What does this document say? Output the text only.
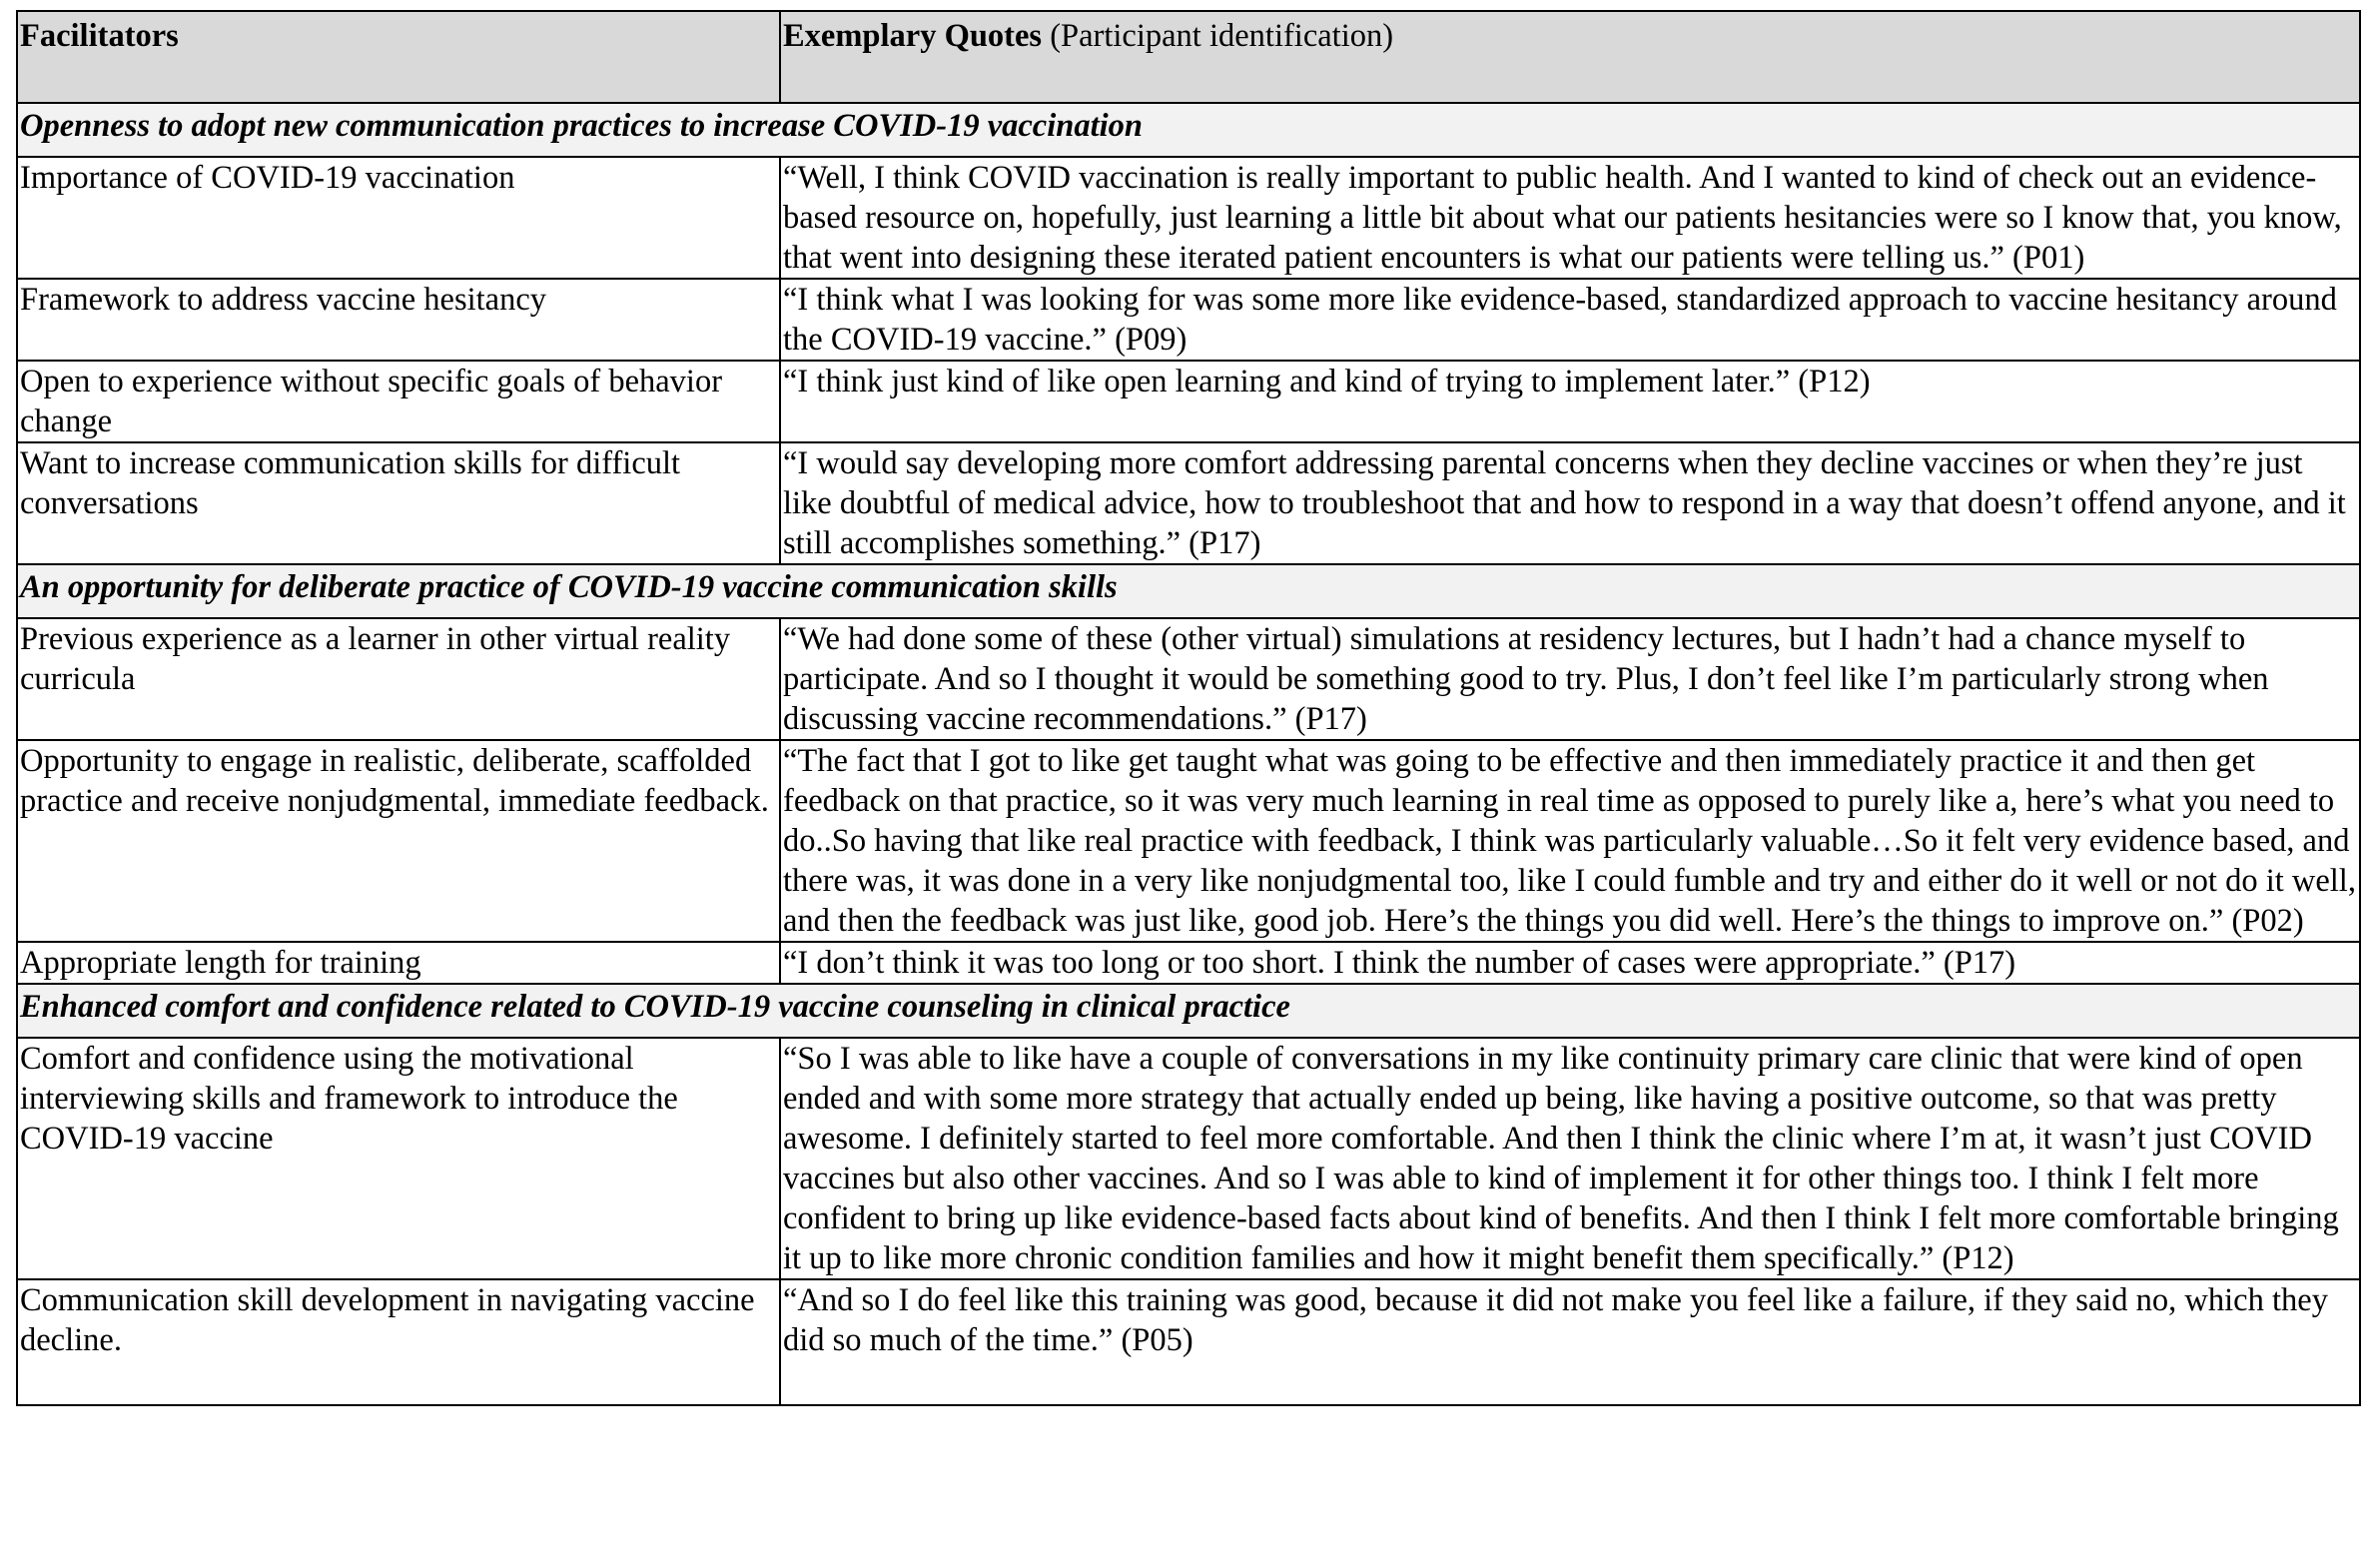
Facilitators	Exemplary Quotes (Participant identification)
Openness to adopt new communication practices to increase COVID-19 vaccination	
Importance of COVID-19 vaccination	“Well, I think COVID vaccination is really important to public health. And I wanted to kind of check out an evidence-based resource on, hopefully, just learning a little bit about what our patients hesitancies were so I know that, you know, that went into designing these iterated patient encounters is what our patients were telling us.” (P01)
Framework to address vaccine hesitancy	“I think what I was looking for was some more like evidence-based, standardized approach to vaccine hesitancy around the COVID-19 vaccine.” (P09)
Open to experience without specific goals of behavior change	“I think just kind of like open learning and kind of trying to implement later.” (P12)
Want to increase communication skills for difficult conversations	“I would say developing more comfort addressing parental concerns when they decline vaccines or when they’re just like doubtful of medical advice, how to troubleshoot that and how to respond in a way that doesn’t offend anyone, and it still accomplishes something.” (P17)
An opportunity for deliberate practice of COVID-19 vaccine communication skills	
Previous experience as a learner in other virtual reality curricula	“We had done some of these (other virtual) simulations at residency lectures, but I hadn’t had a chance myself to participate. And so I thought it would be something good to try. Plus, I don’t feel like I’m particularly strong when discussing vaccine recommendations.” (P17)
Opportunity to engage in realistic, deliberate, scaffolded practice and receive nonjudgmental, immediate feedback.	“The fact that I got to like get taught what was going to be effective and then immediately practice it and then get feedback on that practice, so it was very much learning in real time as opposed to purely like a, here’s what you need to do..So having that like real practice with feedback, I think was particularly valuable…So it felt very evidence based, and there was, it was done in a very like nonjudgmental too, like I could fumble and try and either do it well or not do it well, and then the feedback was just like, good job. Here’s the things you did well. Here’s the things to improve on.” (P02)
Appropriate length for training	“I don’t think it was too long or too short. I think the number of cases were appropriate.” (P17)
Enhanced comfort and confidence related to COVID-19 vaccine counseling in clinical practice	
Comfort and confidence using the motivational interviewing skills and framework to introduce the COVID-19 vaccine	“So I was able to like have a couple of conversations in my like continuity primary care clinic that were kind of open ended and with some more strategy that actually ended up being, like having a positive outcome, so that was pretty awesome. I definitely started to feel more comfortable. And then I think the clinic where I’m at, it wasn’t just COVID vaccines but also other vaccines. And so I was able to kind of implement it for other things too. I think I felt more confident to bring up like evidence-based facts about kind of benefits. And then I think I felt more comfortable bringing it up to like more chronic condition families and how it might benefit them specifically.” (P12)
Communication skill development in navigating vaccine decline.	“And so I do feel like this training was good, because it did not make you feel like a failure, if they said no, which they did so much of the time.” (P05)
